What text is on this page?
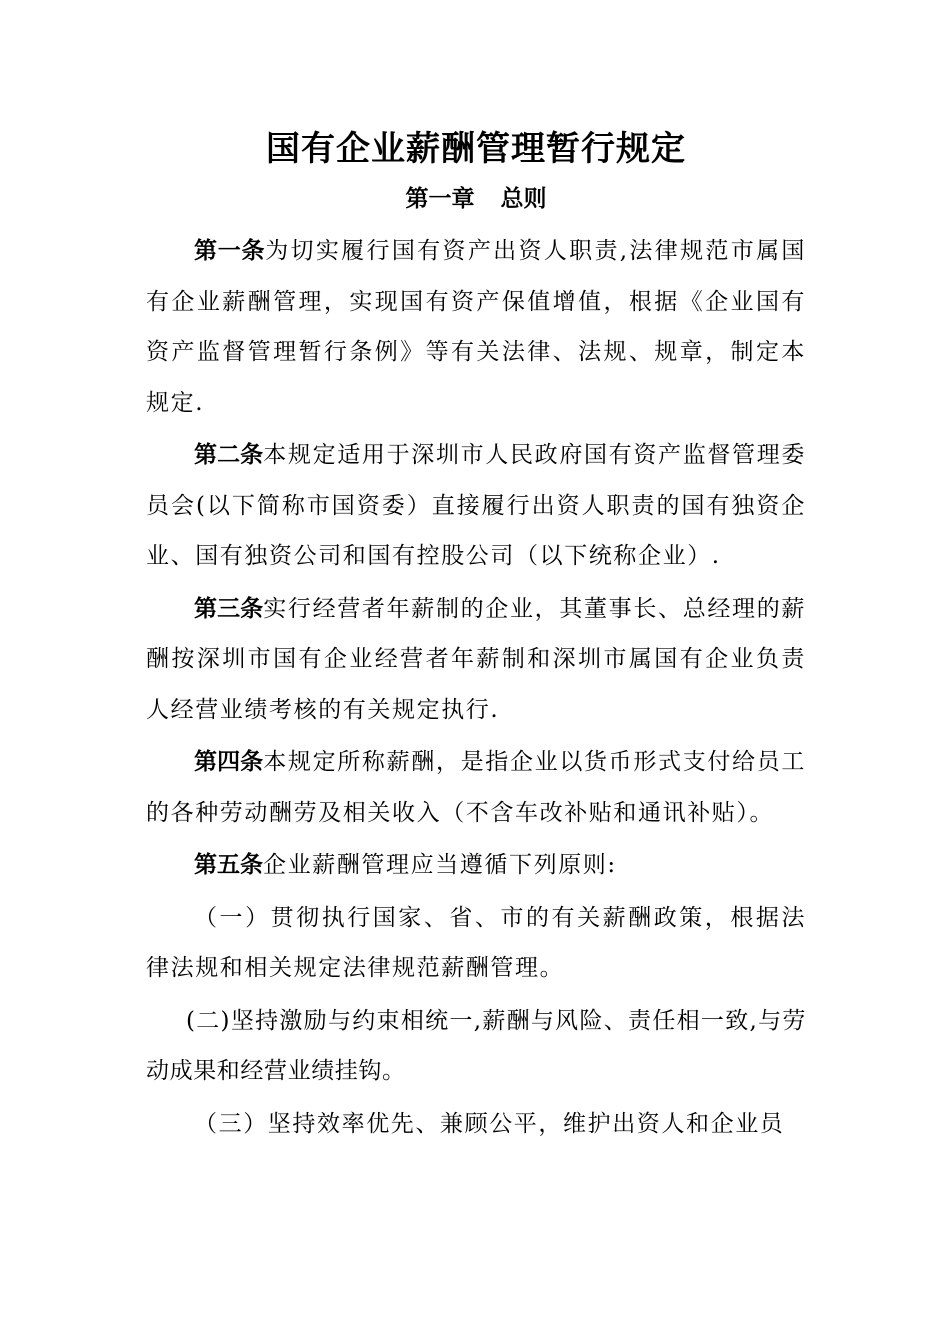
国有企业薪酬管理暂行规定
第一章 总则

第一条为切实履行国有资产出资人职责,法律规范市属国有企业薪酬管理，实现国有资产保值增值，根据《企业国有资产监督管理暂行条例》等有关法律、法规、规章，制定本规定.

第二条本规定适用于深圳市人民政府国有资产监督管理委员会(以下简称市国资委）直接履行出资人职责的国有独资企业、国有独资公司和国有控股公司（以下统称企业）.

第三条实行经营者年薪制的企业，其董事长、总经理的薪酬按深圳市国有企业经营者年薪制和深圳市属国有企业负责人经营业绩考核的有关规定执行.

第四条本规定所称薪酬，是指企业以货币形式支付给员工的各种劳动酬劳及相关收入（不含车改补贴和通讯补贴）。

第五条企业薪酬管理应当遵循下列原则:

（一）贯彻执行国家、省、市的有关薪酬政策，根据法律法规和相关规定法律规范薪酬管理。

(二)坚持激励与约束相统一,薪酬与风险、责任相一致,与劳动成果和经营业绩挂钩。

（三）坚持效率优先、兼顾公平，维护出资人和企业员
